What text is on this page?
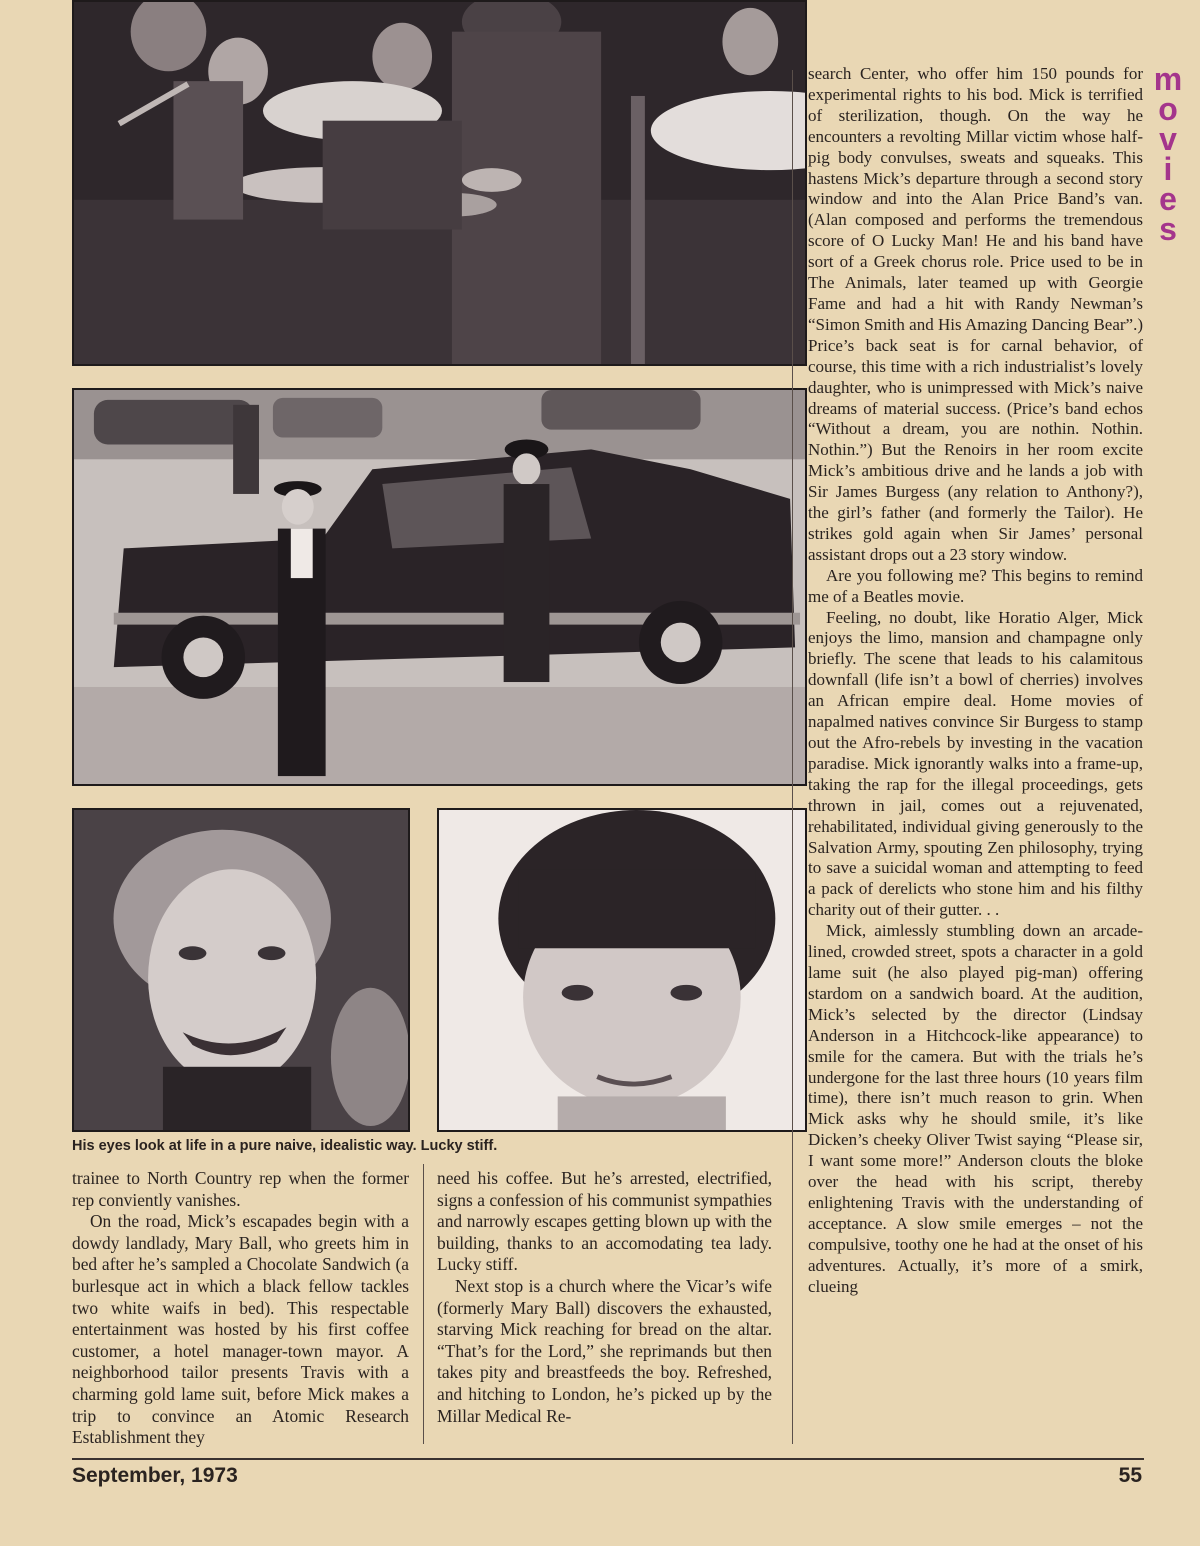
His eyes look at life in a pure naive, idealistic way. Lucky stiff.

trainee to North Country rep when the former rep conviently vanishes.

On the road, Mick’s escapades begin with a dowdy landlady, Mary Ball, who greets him in bed after he’s sampled a Chocolate Sandwich (a burlesque act in which a black fellow tackles two white waifs in bed). This respectable entertainment was hosted by his first coffee customer, a hotel manager-town mayor. A neighborhood tailor presents Travis with a charming gold lame suit, before Mick makes a trip to convince an Atomic Research Establishment they

need his coffee. But he’s arrested, electrified, signs a confession of his communist sympathies and narrowly escapes getting blown up with the building, thanks to an accomodating tea lady. Lucky stiff.

Next stop is a church where the Vicar’s wife (formerly Mary Ball) discovers the exhausted, starving Mick reaching for bread on the altar. “That’s for the Lord,” she reprimands but then takes pity and breastfeeds the boy. Refreshed, and hitching to London, he’s picked up by the Millar Medical Re-

search Center, who offer him 150 pounds for experimental rights to his bod. Mick is terrified of sterilization, though. On the way he encounters a revolting Millar victim whose half-pig body convulses, sweats and squeaks. This hastens Mick’s departure through a second story window and into the Alan Price Band’s van. (Alan composed and performs the tremendous score of O Lucky Man! He and his band have sort of a Greek chorus role. Price used to be in The Animals, later teamed up with Georgie Fame and had a hit with Randy Newman’s “Simon Smith and His Amazing Dancing Bear”.) Price’s back seat is for carnal behavior, of course, this time with a rich industrialist’s lovely daughter, who is unimpressed with Mick’s naive dreams of material success. (Price’s band echos “Without a dream, you are nothin. Nothin. Nothin.”) But the Renoirs in her room excite Mick’s ambitious drive and he lands a job with Sir James Burgess (any relation to Anthony?), the girl’s father (and formerly the Tailor). He strikes gold again when Sir James’ personal assistant drops out a 23 story window.

Are you following me? This begins to remind me of a Beatles movie.

Feeling, no doubt, like Horatio Alger, Mick enjoys the limo, mansion and champagne only briefly. The scene that leads to his calamitous downfall (life isn’t a bowl of cherries) involves an African empire deal. Home movies of napalmed natives convince Sir Burgess to stamp out the Afro-rebels by investing in the vacation paradise. Mick ignorantly walks into a frame-up, taking the rap for the illegal proceedings, gets thrown in jail, comes out a rejuvenated, rehabilitated, individual giving generously to the Salvation Army, spouting Zen philosophy, trying to save a suicidal woman and attempting to feed a pack of derelicts who stone him and his filthy charity out of their gutter. . .

Mick, aimlessly stumbling down an arcade-lined, crowded street, spots a character in a gold lame suit (he also played pig-man) offering stardom on a sandwich board. At the audition, Mick’s selected by the director (Lindsay Anderson in a Hitchcock-like appearance) to smile for the camera. But with the trials he’s undergone for the last three hours (10 years film time), there isn’t much reason to grin. When Mick asks why he should smile, it’s like Dicken’s cheeky Oliver Twist saying “Please sir, I want some more!” Anderson clouts the bloke over the head with his script, thereby enlightening Travis with the understanding of acceptance. A slow smile emerges – not the compulsive, toothy one he had at the onset of his adventures. Actually, it’s more of a smirk, clueing

m
o
v
i
e
s
September, 1973	55
